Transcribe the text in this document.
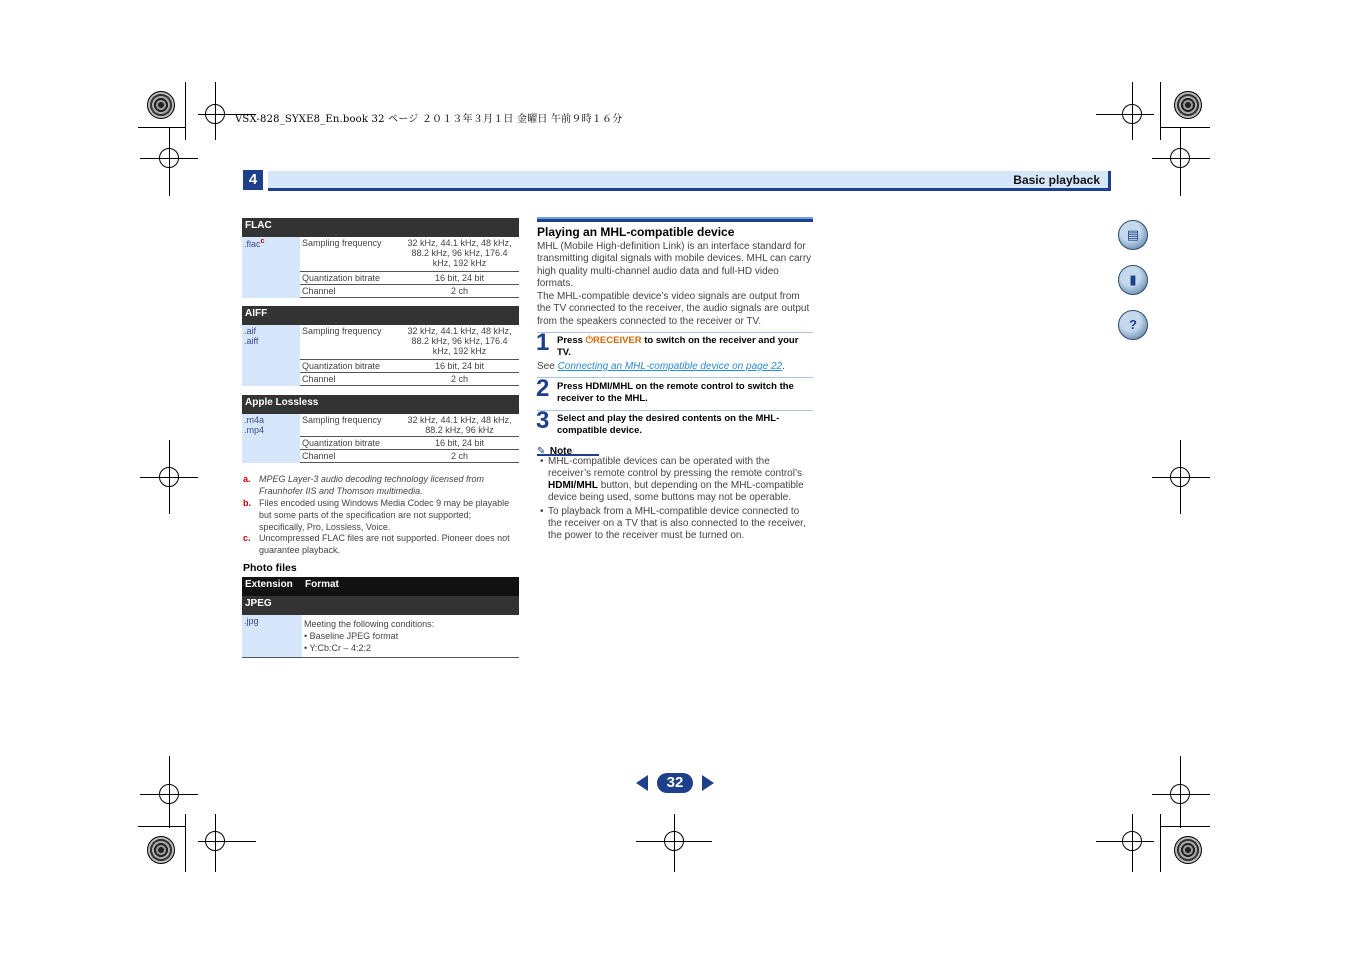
VSX-828_SYXE8_En.book 32 ページ ２０１３年３月１日 金曜日 午前９時１６分
4	Basic playback
FLAC		
.flac$^c$	Sampling frequency	32 kHz, 44.1 kHz, 48 kHz, 88.2 kHz, 96 kHz, 176.4 kHz, 192 kHz
	Quantization bitrate	16 bit, 24 bit
	Channel	2 ch
AIFF		

.aif
.aiff	Sampling frequency	32 kHz, 44.1 kHz, 48 kHz, 88.2 kHz, 96 kHz, 176.4 kHz, 192 kHz
	Quantization bitrate	16 bit, 24 bit
	Channel	2 ch
Apple Lossless		

.m4a
.mp4	Sampling frequency	32 kHz, 44.1 kHz, 48 kHz, 88.2 kHz, 96 kHz
	Quantization bitrate	16 bit, 24 bit
	Channel	2 ch
a. MPEG Layer-3 audio decoding technology licensed from Fraunhofer IIS and Thomson multimedia.
b. Files encoded using Windows Media Codec 9 may be playable but some parts of the specification are not supported; specifically, Pro, Lossless, Voice.
c. Uncompressed FLAC files are not supported. Pioneer does not guarantee playback.
Photo files
Extension	Format
JPEG	
.jpg	Meeting the following conditions:
• Baseline JPEG format
• Y:Cb:Cr – 4:2:2
Playing an MHL-compatible device
MHL (Mobile High-definition Link) is an interface standard for transmitting digital signals with mobile devices. MHL can carry high quality multi-channel audio data and full-HD video formats.
The MHL-compatible device’s video signals are output from the TV connected to the receiver, the audio signals are output from the speakers connected to the receiver or TV.
1 Press ⏻RECEIVER to switch on the receiver and your TV.
See Connecting an MHL-compatible device on page 22.
2 Press HDMI/MHL on the remote control to switch the receiver to the MHL.
3 Select and play the desired contents on the MHL-compatible device.
✎ Note
• MHL-compatible devices can be operated with the receiver’s remote control by pressing the remote control’s HDMI/MHL button, but depending on the MHL-compatible device being used, some buttons may not be operable.
• To playback from a MHL-compatible device connected to the receiver on a TV that is also connected to the receiver, the power to the receiver must be turned on.
▤
▮
?
32
